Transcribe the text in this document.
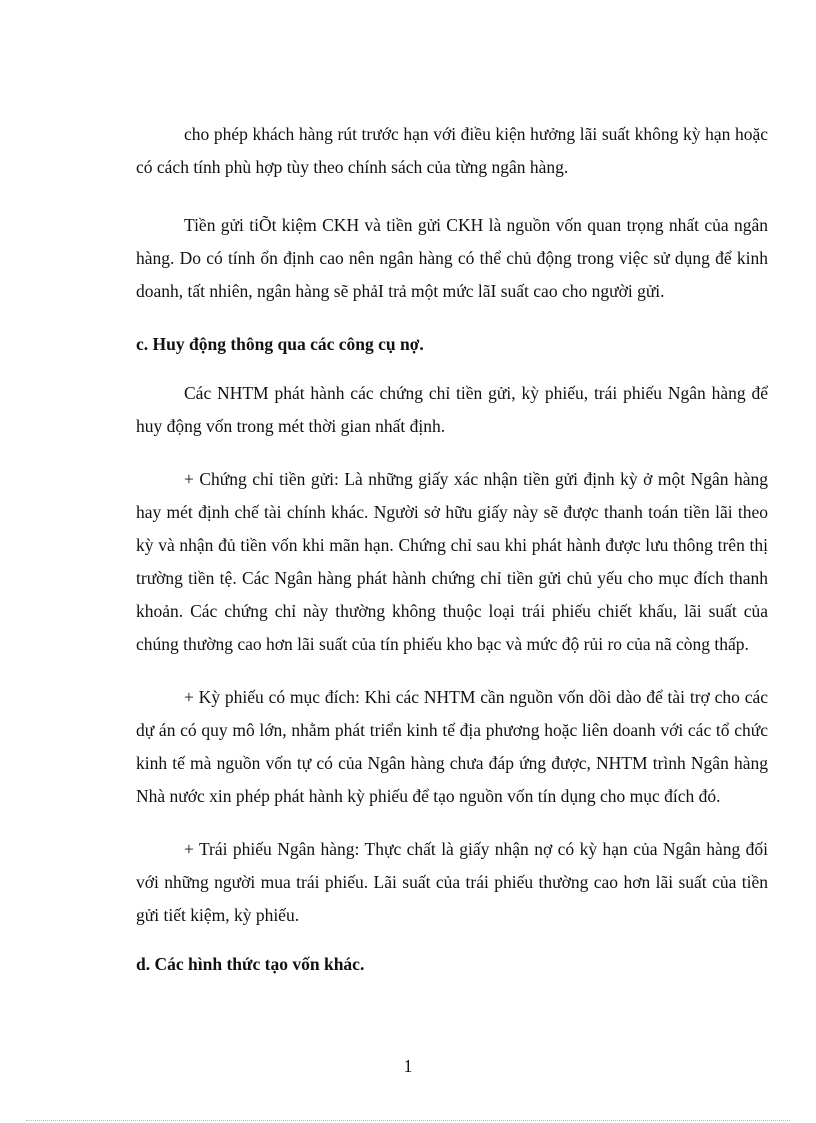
cho phép khách hàng rút trước hạn với điều kiện hưởng lãi suất không kỳ hạn hoặc có cách tính phù hợp tùy theo chính sách của từng ngân hàng.

Tiền gửi tiÕt kiệm CKH và tiền gửi CKH là nguồn vốn quan trọng nhất của ngân hàng. Do có tính ổn định cao nên ngân hàng có thể chủ động trong việc sử dụng để kinh doanh, tất nhiên, ngân hàng sẽ phảI trả một mức lãI suất cao cho người gửi.

c. Huy động thông qua các công cụ nợ.

Các NHTM phát hành các chứng chỉ tiền gửi, kỳ phiếu, trái phiếu Ngân hàng để huy động vốn trong mét thời gian nhất định.

+ Chứng chỉ tiền gửi: Là những giấy xác nhận tiền gửi định kỳ ở một Ngân hàng hay mét định chế tài chính khác. Người sở hữu giấy này sẽ được thanh toán tiền lãi theo kỳ và nhận đủ tiền vốn khi mãn hạn. Chứng chỉ sau khi phát hành được lưu thông trên thị trường tiền tệ. Các Ngân hàng phát hành chứng chỉ tiền gửi chủ yếu cho mục đích thanh khoản. Các chứng chỉ này thường không thuộc loại trái phiếu chiết khấu, lãi suất của chúng thường cao hơn lãi suất của tín phiếu kho bạc và mức độ rủi ro của nã còng thấp.

+ Kỳ phiếu có mục đích: Khi các NHTM cần nguồn vốn dồi dào để tài trợ cho các dự án có quy mô lớn, nhằm phát triển kinh tế địa phương hoặc liên doanh với các tổ chức kinh tế mà nguồn vốn tự có của Ngân hàng chưa đáp ứng được, NHTM trình Ngân hàng Nhà nước xin phép phát hành kỳ phiếu để tạo nguồn vốn tín dụng cho mục đích đó.

+ Trái phiếu Ngân hàng: Thực chất là giấy nhận nợ có kỳ hạn của Ngân hàng đối với những người mua trái phiếu. Lãi suất của trái phiếu thường cao hơn lãi suất của tiền gửi tiết kiệm, kỳ phiếu.

d. Các hình thức tạo vốn khác.

1
